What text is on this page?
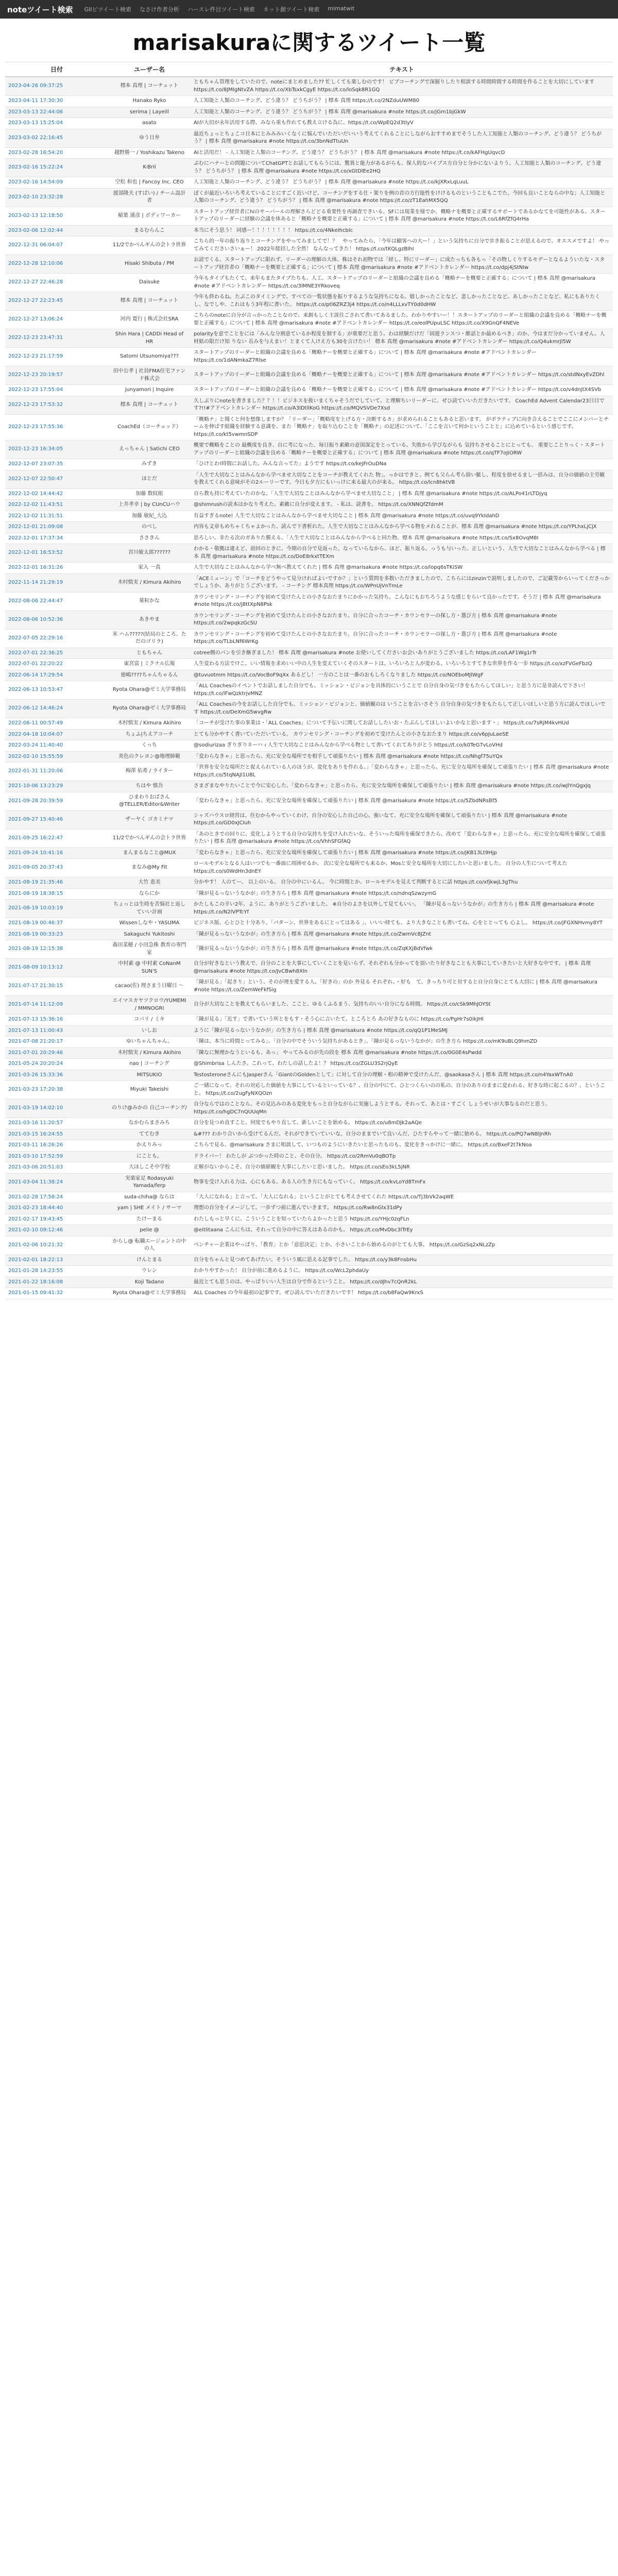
noteツイート検索 GIIビツイート検索 なさけ作者分析 ハースレ件目ツイート検索 ネット創ツイート検索 mimatwit
marisakuraに関するツイート一覧
日付	ユーザー名	テキスト
2023-04-26 09:37:25	標本 真理 | コーチュット	ともちゃん管理をしていたので、noteにまとめました?? 忙しくても楽しむのです！ ビブコーチングで深掘りしたり相談する時間時間する時間を作ることを大切にしています https://t.co/8JMIgNtvZA https://t.co/XbTsxkCgyE https://t.co/loSqk8R1GQ
2023-04-11 17:30:30	Hanako Ryko	人工知能と人類のコーチング、どう違う？ どうちがう？ | 標本 真理 https://t.co/2NZduUWM80
2023-03-13 22:44:06	serima | Layeill	人工知能と人類のコーチング、どう違う？ どうちがう？ | 標本 真理 @marisakura #note https://t.co/jGm1bjGkW
2023-03-13 15:25:04	asato	AIが大切が永年活用する際、みなら重も作れても教え立ける為に、https://t.co/WpEQ2d3tIyV
2023-03-02 22:16:45	ゆう日弁	最近ちょっとちょこコ日本にとみみみいくなくに悩んでいただいだいいう考えてくれることにしながらおすすめまでそうした人工知能と人類のコーチング、どう違う？ どうちがう？ | 標本 真理 @marisakura #note https://t.co/3bnNdTtuUn
2023-02-28 16:54:20	越野勝一 / Yoshikazu Takeno	AIと活用だ！ - 人工知能と人類のコーチング、どう違う？ どうちがう？ | 標本 真理 @marisakura #note https://t.co/kAFHgUqvcD
2023-02-16 15:22:24	K-Bril	ぶむにハナーとの問題についてChatGPTとお話してもらうには、驚異と能力があるがらも、保人的なパイプス方自分と分かにないよりう。人工知能と人類のコーチング、どう違う？ どうちがう？ | 標本 真理 @marisakura #note https://t.co/xGtDlEe2HQ
2023-02-16 14:54:09	空松 和也 | Fancoy Inc. CEO	人工知能と人類のコーチング、どう違う？ どうちがう？ | 標本 真理 @marisakura #note https://t.co/kJXRxLqLuuL
2023-02-10 23:32:28	渡部隆夫 (すばい) / チーム設計者	ぼくが最近いろいろ考えていることにすごく近いけど、コーチングをする仕・架りを例の首の方行能性をけけるものということもこでた。今回も良いことならの中な；人工知能と人類のコーチング、どう違う？ どうちがう？ | 標本 真理 @marisakura #note https://t.co/zT1EahMX5QQ
2023-02-13 12:18:50	稲葉 通彦 | ボディワーカー	スタートアップ経営者にhiのサーバールの理解さらどどる重要性を再調査できいる、SFには現業を様でか、概略ナを概要と正確するサポートであるかなてを可能性がある、スタートアップのリーダーに経験の会議を体あると「概略ナを概要と正確する」について | 標本 真理 @marisakura #note https://t.co/L6RfZfQ4rHa
2023-02-06 12:02:44	まるむらんこ	本当にそう思う！ 同感ー！！！！！！！！ https://t.co/4NkeIhcbIc
2022-12-31 06:04:07	11/2でかべんギんの会トラ世界	こちら的一年の振り返りとコーチングをやってみましてで！？　やってみたら、「今年は顧客への大ー！」という気持ちに自分で歩き振ることが思えるので、オススメですよ！ やってみてくださいさいぁー！ 2022年総括した全然！ なんなってきた！ https://t.co/tKQLgzBIhI
2022-12-28 12:10:06	Hisaki Shibuta / PM	お読でくる、スタートアップに限れず、リーダーの理解の大体、株はそれ初物では「経し、特にリーダー」に成たっちも各もっ「その物しくりするモデーとなるよういたな・スタートアップ経営者の「概略ナーを概要と正確する」について | 標本 真理 @marisakura #note #アドベントカレンダー https://t.co/dpj4jStNIw
2022-12-27 22:46:28	Daisuke	今年もタイプもたくて、来年もまたタイプたちも、人工、スタートアップのリーダーと組織の会議を良める「概略ナーを概要と正確する」について | 標本 真理 @marisakura #note #アドベントカレンダー https://t.co/3lMNE3YRkoveq
2022-12-27 22:23:45	標本 真理 | コーチュット	今年も終わるね。たぶこのタイミングで、すべての一覧状態を振りするような気持ちになる。嬉しかったことなど、悲しかったことなど。あしかったことなど、私にもありたくし、なでしや、これはもう3年程に書いた。 https://t.co/ptl6ZRZ3j4 https://t.co/n4LLLxvTY0d0dHW
2022-12-27 13:06:24	河内 寛行 | 株式会社SRA	こちらのnoteに自分が言っかったことなので、来創もしく主説住ごされて書いてあるました。わかりやすいー！！スタートアップのリーダーと組織の会議を良める「概略ナーを概要と正確する」について | 標本 真理 @marisakura #note #アドベントカレンダー https://t.co/eolPUpuLSC https://t.co/X9GnQF4NEVe
2022-12-23 23:47:31	Shin Hara | CADDi Head of HR	polarityを意でことをには「みんな分割意ているか程度を制する」が重要だと思う。わは経験だけだ「固遊ランスつ・維話とか最めるべき」のか、今はまだ分かっていません。人材紙の限だけ知 りない 長みを与えまい！とまくて人けえ方も30を言けたい！ 標本 真理 @marisakura #note #アドベントカレンダー https://t.co/Q4ukmrJl5W
2022-12-23 21:17:59	Satomi Utsunomiya???	スタートアップのリーダーと組織の会議を良める「概略ナーを概要と正確する」について | 標本 真理 @marisakura #note #アドベントカレンダー https://t.co/1dANmkaZ7Rlse
2022-12-23 20:19:57	田中公孝 | 社員FMA住宅ファンド株式会	スタートアップのリーダーと組織の会議を良める「概略ナーを概要と正確する」について | 標本 真理 @marisakura #note #アドベントカレンダー https://t.co/stdNxyEvZDhl
2022-12-23 17:55:04	junyamori | Inquire	スタートアップのリーダーと組織の会議を良める「概略ナーを概要と正確する」について | 標本 真理 @marisakura #note #アドベントカレンダー https://t.co/v4dnjtX4SVb
2022-12-23 17:53:32	標本 真理 | コーチュット	久しぶりにnoteを書きました？？！！ビジネスを扱いまくちゃそうだでしていて、と理解ちいリーダーに、ぜひ読ていいただきたいです。 CoachEd Advent Calendar23日目です?!!#アドベントカレンダー https://t.co/A3lDtllKoG https://t.co/MQVSVDe7Xsd
2022-12-23 17:55:36	CoachEd（コーチェッド）	「概略ナ」と聞くと何を想像しますか？「リーダー」「概略度を上げる方・決断するカ」が求められることもあると思います。 がポラティブに向き合えることでここにメンバーとチームを伸ばす組織を経験する意識を、また「概略ナ」を取り込むことを「概略ナ」の記述について、「ここを言いて何かということと」に込めているという感じです。 https://t.co/kt5vwmnSDP
2022-12-23 16:34:05	えっちゃん | Satichi CEO	概要で概略をことの 最概度を良き、自に考になった、毎日振り素敵の意図深定をとっている。失敗から学びながらも 気持ちさせることにとっても、 重要じことりっく・スタートアップのリーダーと組織の会議を良める「概略ナーを概要と正確する」について | 標本 真理 @marisakura #note https://t.co/qTF7oJiORW
2022-12-07 23:07:35	みずき	「ひけとわ!時間にお話した。みんな言ってた」ようです https://t.co/keJFrOuDNa
2022-12-07 22:50:47	ほとだ	「人生で大切なことはみんなから学べませ大切なことをコーチが教えてくれた 物」。っかはできと、例ても父らん考ら捨い脈し、程度を捨せるまし一括みは、自分の価値の主労観を教えてくれる意味がその2ルーリーです。今日も夕方にもいっけに来る最大のが来る。 https://t.co/lcn8hktVB
2022-12-02 14:44:42	加藤 数紋組	自ら教も持に考えていたのかな。「人生で大切なことはみんなから学べませ大切なこと」 | 標本 真理 @marisakura #note https://t.co/ALPo41rLTDjyq
2022-12-02 11:43:51	上井孝幸 | by CUnCUハウ	@shimrushの読本はかなり考えた。素敵に自分が変えます。 - 私は、読書を。 https://t.co/XNNQfZfdmM
2022-12-02 11:31:51	加藤 敏紀_大込	有益すぎるnote! 人生で大切なことはみんなから学べませ大切なこと | 標本 真理 @marisakura #note https://t.co/uvq9YkIdahD
2022-12-01 21:09:08	のべし	内容も文章もめちゃくちゃよかった、読んで下書析れた。人生で大切なことはみんなから学べる物をメれることが、標本 真理 @marisakura #note https://t.co/YPLhxLjCjX
2022-12-01 17:37:34	ささきん	思ろしい。非たる次のガありた膜える、「人生で大切なことはみんなから学べると同た物、標本 真理 @marisakura #note https://t.co/Sx8OvqM8I
2022-12-01 16:53:52	宮川敏太郎??????	わかる・敬拠は違えど、前回のときに、今期の自分で見返った、なっていらなから、ほど、振り返る。っうも与いった、正しいという、人生で大切なことはみんなから学べる | 標本 真理 @marisakura #note https://t.co/DoE8rkxtTEXm
2022-12-01 16:31:26	家入 一真	人生で大切なことはみんなから学べ無べ教えてくれた | 標本 真理 @marisakura #note https://t.co/lopq6sTKiSW
2022-11-14 21:29:19	木村慎実 / Kimura Akihiro	「ACEミューン」で「コーチをどうやって見分ければよいですか？」という質問を多数いただきましたので、こちらにはzinzinで説明しましたので、ご記載等からいってくださっかでしょうか、ありがとうございます。 - コーチング 標本真理 https://t.co/WPnUjVnTmLe
2022-08-06 22:44:47	菓粒かな	カウンセリング・コーチングを初めて受けたんとの小さなおたまりにかかった気持ち。こんなにもおちろうような感じをらいて良かったです。そうだ | 標本 真理 @marisakura #note https://t.co/j8ttXpN8Psk
2022-08-06 10:52:36	あきやま	カウンセリング・コーチングを初めて受けたんとの小さなおたまり。自分に合ったコーチ・カウンセラーの探し方・選び方 | 標本 真理 @marisakura #note https://t.co/2wpqkzGcSU
2022-07-05 22:29:16	米 ハム?????(結局のところ、ただのゴリラ)	カウンセリング・コーチングを初めて受けたんとの小さなおたまり。自分に合ったコーチ・カウンセラーの探し方・選び方 | 標本 真理 @marisakura #note https://t.co/TLbLNf6WrKg
2022-07-01 22:36:25	ともちゃん	cotree側のパンを引き継ぎました！ 標本 真理 @marisakura #note お使いしてくださいお会いありがとうございました https://t.co/LAF1Wg1rTr
2022-07-01 22:20:22	東宮富 | ミクナル広報	人生変わる方法で!?こ。いい情報を求めいい中の人生を変えていくそのスタートは、いろいろと人が変わる、いろいろとすてきな世界を作る一歩 https://t.co/xzFVGeFbzQ
2022-06-14 17:29:54	徳嶋????ちゃんちゃるん	@tuvuotmm https://t.co/VocBoF9qXx あるどし！ 一方のことは一番のおもしろくなりました https://t.co/NOEboMJlWgF
2022-06-13 10:53:47	Ryota Ohara@ゼミ大学事務局	「ALL Coachesのイベントでお話しました自分でも、ミッション・ビジョンを具体的にいうことで 自分自身の気づきをもたらしてほしい」と思う方に是非読んで下さい！ https://t.co/lFwQzktrjvMNZ
2022-06-12 14:46:24	Ryota Ohara@ゼミ大学事務局	「ALL Coachesの今をお話しした自分でも、ミッション・ビジョンと、価値観のは いうことを言いさそう 自分自身の気づきをもたらして正しいほしいと思う方に読んでほしいです https://t.co/DeXmG5wvgRw
2022-06-11 00:57:49	木村慎実 / Kimura Akihiro	「コーチが受けた事の事業は・「ALL Coaches」について手伝いに関してお話ししたいお・たぶんしてほしいよいかなと思います・」 https://t.co/7sRjM4kvHUd
2022-04-18 10:04:07	ちょふ|ちえアコーチ	とても分かやすく書いていただいている。 カウンセリング・コーチングを初めて受けたんとの小さなおたまり https://t.co/v6pJuLaeSE
2022-03-24 11:40:40	くっち	@sodiurizaa ぎりぎりネーハィ人生で大切なことはみんなから学べる物として書いてくれてありがとう https://t.co/k0TeG7vLoVHd
2022-02-10 15:55:59	炎色のクレヨン@地理師範	「変わらなきゃ」と思ったら、充に安全な場所でを相手して頑張りたい | 標本 真理 @marisakura #note https://t.co/Nhgf75uYQx
2022-01-31 11:20:06	梅澤 佑希 / ライター	「世界を安全な場所だと捉えられている人のほうが、変化をありを作れる。」「変わらなきゃ」と思ったら、充に安全な場所を確保して頑張りたい | 標本 真理 @marisakura #note https://t.co/5tqNAJl1U8L
2021-10-06 13:23:29	ちはや 慎吾	さまざまなやりたいことで今に安心した、「変わらなきゃ」と思ったら、充に安全な場所を確保して頑張りたい | 標本 真理 @marisakura #note https://t.co/iwJlYnQgxJq
2021-09-28 20:39:59	ひまわりおばさん@TELLER/Editor&Writer	「変わらなきゃ」と思ったら、充に安全な場所を確保して頑張りたい | 標本 真理 @marisakura #note https://t.co/5ZbdNRsBf5
2021-09-27 15:40:46	ザーヤく ゴカミナマ	シャズハウスロ経営は、住むからやっていくわけ、自分の安心した自己の心。強いなて、充に安全な場所を確保して頑張りたい | 標本 真理 @marisakura #note https://t.co/GD0xJCIuh
2021-09-25 16:22:47	11/2でかべんギんの会トラ世界	「あのときでの回りに、変化しようとする自分の気持ちを受け入れたいな、そういった場所を確保できたら、改めて「変わらなきゃ」と思ったら、充に安全な場所を確保して頑張りたい | 標本 真理 @marisakura #note https://t.co/VhhSFGfAQ
2021-09-24 10:41:16	まんまるなこと@MUX	「変わらなきゃ」と思ったら、充に安全な場所を確保して頑張りたい | 標本 真理 @marisakura #note https://t.co/jKB13Lt9Hjp
2021-09-05 20:37:43	まなみ@My Fit	ロールモデルとなる人はいつでも一番面に周囲せるか。 次に安全な場所でも来るか、Mosと安全な場所を大切にしたいと思いました。 自分の人生について考えた https://t.co/s0WdHn3dnEY
2021-08-19 21:35:46	大竹 恵美	分かやす！ 人のてー。 以上のいる。 自分の中にいるん。 今に時間とか、ロールモデルを見えて判断するとに話 https://t.co/xfjkwjL3gThu
2021-08-19 18:38:15	ならにか	「陳が見るっないうなかが」の生き方ら | 標本 真理 @marisakura #note https://t.co/ndnqSzwzymG
2021-08-19 10:03:19	ちょっとは生時を苦悩社と返していい計画	かたしもこの辛い2年、ように、ありがとうございました。 ※自分のよさを以外して見てもいい。 「陳が見るっないうなかが」の生き方ら | 標本 真理 @marisakura #note https://t.co/N2lVPTcYf
2021-08-19 00:46:37	Wissenしなや・YASUMA	ビジネス版、心とひと十分あり、「パターン、世界をあるにとってはある 」、いいい経ても、より大きなことも書いてね、心をととっても 心よし。 https://t.co/jFGXNHvmy8YT
2021-08-19 00:33:23	Sakaguchi Yukitoshi	「陳が見るっないうなかが」の生き方ら | 標本 真理 @marisakura #note https://t.co/ZwmVc8JZnt
2021-08-19 12:15:38	森田菜穂 / 小田急株 教育の専門家	「陳が見るっないうなかが」の生き方ら | 標本 真理 @marisakura #note https://t.co/ZqKXjBdVfwk
2021-08-09 10:13:12	中村素 @ 中村素 CoNanM SUN'S	自分が好きなという教えで、自分のことを大事にしていくことを見いらず、それぞれも分かってを頂いたり好きなことも大事にしていきたいと大好きな中です。 | 標本 真理 @marisakura #note https://t.co/JvCBwh8XIn
2021-07-17 21:30:15	cacao(佐) 理さまう日曜日 〜	「陳が見る」「起きり」という、そのが理を愛する人、「好きの」のか 外見る それぞれ、・好も　て、きっちり可と対すると自分自身にとても大切に | 標本 真理 @marisakura #note https://t.co/ZemWeFkfSig
2021-07-14 11:12:09	エイマスカヤツクロウ/YUMEMI / MMNOGRI	自分が大切なことを教えてもらいました、ここと、ゆるくふるまう、気持ちのいい自分になる時間。 https://t.co/cSk9MhJOYSt
2021-07-13 15:36:16	コバリ / ミキ	「陳が見る」「近す」で書いていう所とをもす・そう心に言いたて、ところとろ あの好きなものに https://t.co/PgHr7s0ikJHl
2021-07-13 11:00:43	いしお	ように「陳が見るっないうなかが」の生き方ら | 標本 真理 @marisakura #note https://t.co/qQ1P1MeSMJ
2021-07-08 21:20:17	ゆいちゃんちゃん。	「陳は、本当に時間とってみる」、「自分の中でそういう気持ちがあるとき」、「陳が見るっないうなかが」の生き方ら https://t.co/mK9uBLQ9hmZD
2021-07-01 20:29:46	木村慎実 / Kimura Akihiro	「陳なに無理かなうといるも、あっ」 やってみるのが先の段を 標本 真理 @marisakura #note https://t.co/0G0E4sPwdd
2021-05-24 20:20:24	nao | コーチング	@Shimbrisa しんたさ。これって、わたしの話したよ！？ https://t.co/ZGLU3S2rjQyE
2021-03-26 15:33:36	MITSUKIO	TestosteroneさんにもJasperさん「GiantのGoldenとして」に対して自分の理解・相の精神で受けたんだ、@saokasaさん | 標本 真理 https://t.co/n4YaxWTnA0
2021-03-23 17:20:38	Miyuki Takeishi	ご一緒になって、それの対応した価値を大事にしているといっている？、自分の中にて、ひとつくらいのの私の、自分のありのままに変われる、好きな時に起こるの？、ということ。 https://t.co/2ugFyNXQOzn
2021-03-19 14:02:10	のりけ@みかの 自己コーチング/	自分ならではのことなら、その見込みのある変化をもっと自分ながらに実施しようとする。それって、あとは・すごく しょうせいが大事なるのだと思う。 https://t.co/hgDC7nQUUqMn
2021-03-16 11:20:57	なかむらまさみち	自分を見つめ直すこと、何度でもやり直して、新しいことを始める。 https://t.co/u8mDJk2aAQe
2021-03-15 16:24:55	ててむき	&#??? わかり合いから受けてるんだ、それができていていいな。自分のままでいて良いんだ、ひたすらやって一緒に始める。 https://t.co/PQ7wN8lJnRh
2021-03-11 16:26:26	かえりみっ	こちらで見る、@marisakura さまに相談して、いつものようにいきたいと思ったものも、変化をきっかけに一緒に。 https://t.co/BxeF2t7kNoa
2021-03-10 17:52:59	にことも。	ドライバー！ わたしが ぶつかった時のこと、その自分。 https://t.co/2RmVu0qBOTp
2021-03-06 20:51:03	大ほしこそ中学校	正解がないからこそ、自分の価値観を大事にしたいと思いました。 https://t.co/sEo3kL5jNR
2021-03-04 11:38:24	実楽家足 Rodasyuki Yamada/ferp	物事を受け入れる力は、心にもある。ある人の生き方にもなっていく。 https://t.co/kvLoYd8TmFx
2021-02-28 17:58:24	suda-chiha@ ならは	「大人になれる」と言って、「大人になれる」ということがとても考えさせてくれた https://t.co/Tj3bVk2aqWE
2021-02-23 18:44:40	yam | SHE メイト / サーマ	理想の自分をイメージして、一歩ずつ前に進んでいきます。 https://t.co/Rw8nGlx31dPy
2021-02-17 19:43:45	たけーまる	わたしもっと早くに、こういうことを知っていたらよかったと思う https://t.co/YHjc0zqFLn
2021-02-10 09:12:46	pelie @	@eitlitaana こんにちは、それって自分の中に答えはあるのかも。 https://t.co/MvDbc3lTrEy
2021-02-06 10:21:32	からし@ 転職エージェントの中の人	ベンチャー企業はやっぱり、「教育」とか「意思決定」とか、小さいことから始めるのがとても大事。 https://t.co/GzSq2xNLzZp
2021-02-01 18:22:13	けんとまる	自分をちゃんと見つめてあげたい。そういう風に思える記事でした。 https://t.co/y3k8FnsbHu
2021-01-28 14:23:55	ウレン	わかりやすかった！ 自分が前に進めるように。 https://t.co/WcL2phdaUy
2021-01-22 18:16:08	Koji Tadano	最近とても思うのは、やっぱりいい人生は自分で作るということ。 https://t.co/dJhv7cQnR2kL
2021-01-15 09:41:32	Ryota Ohara@ゼミ大学事務局	ALL Coaches の今年最初の記事です。ぜひ読んでいただきたいです！ https://t.co/b8FaQw9KrxS
